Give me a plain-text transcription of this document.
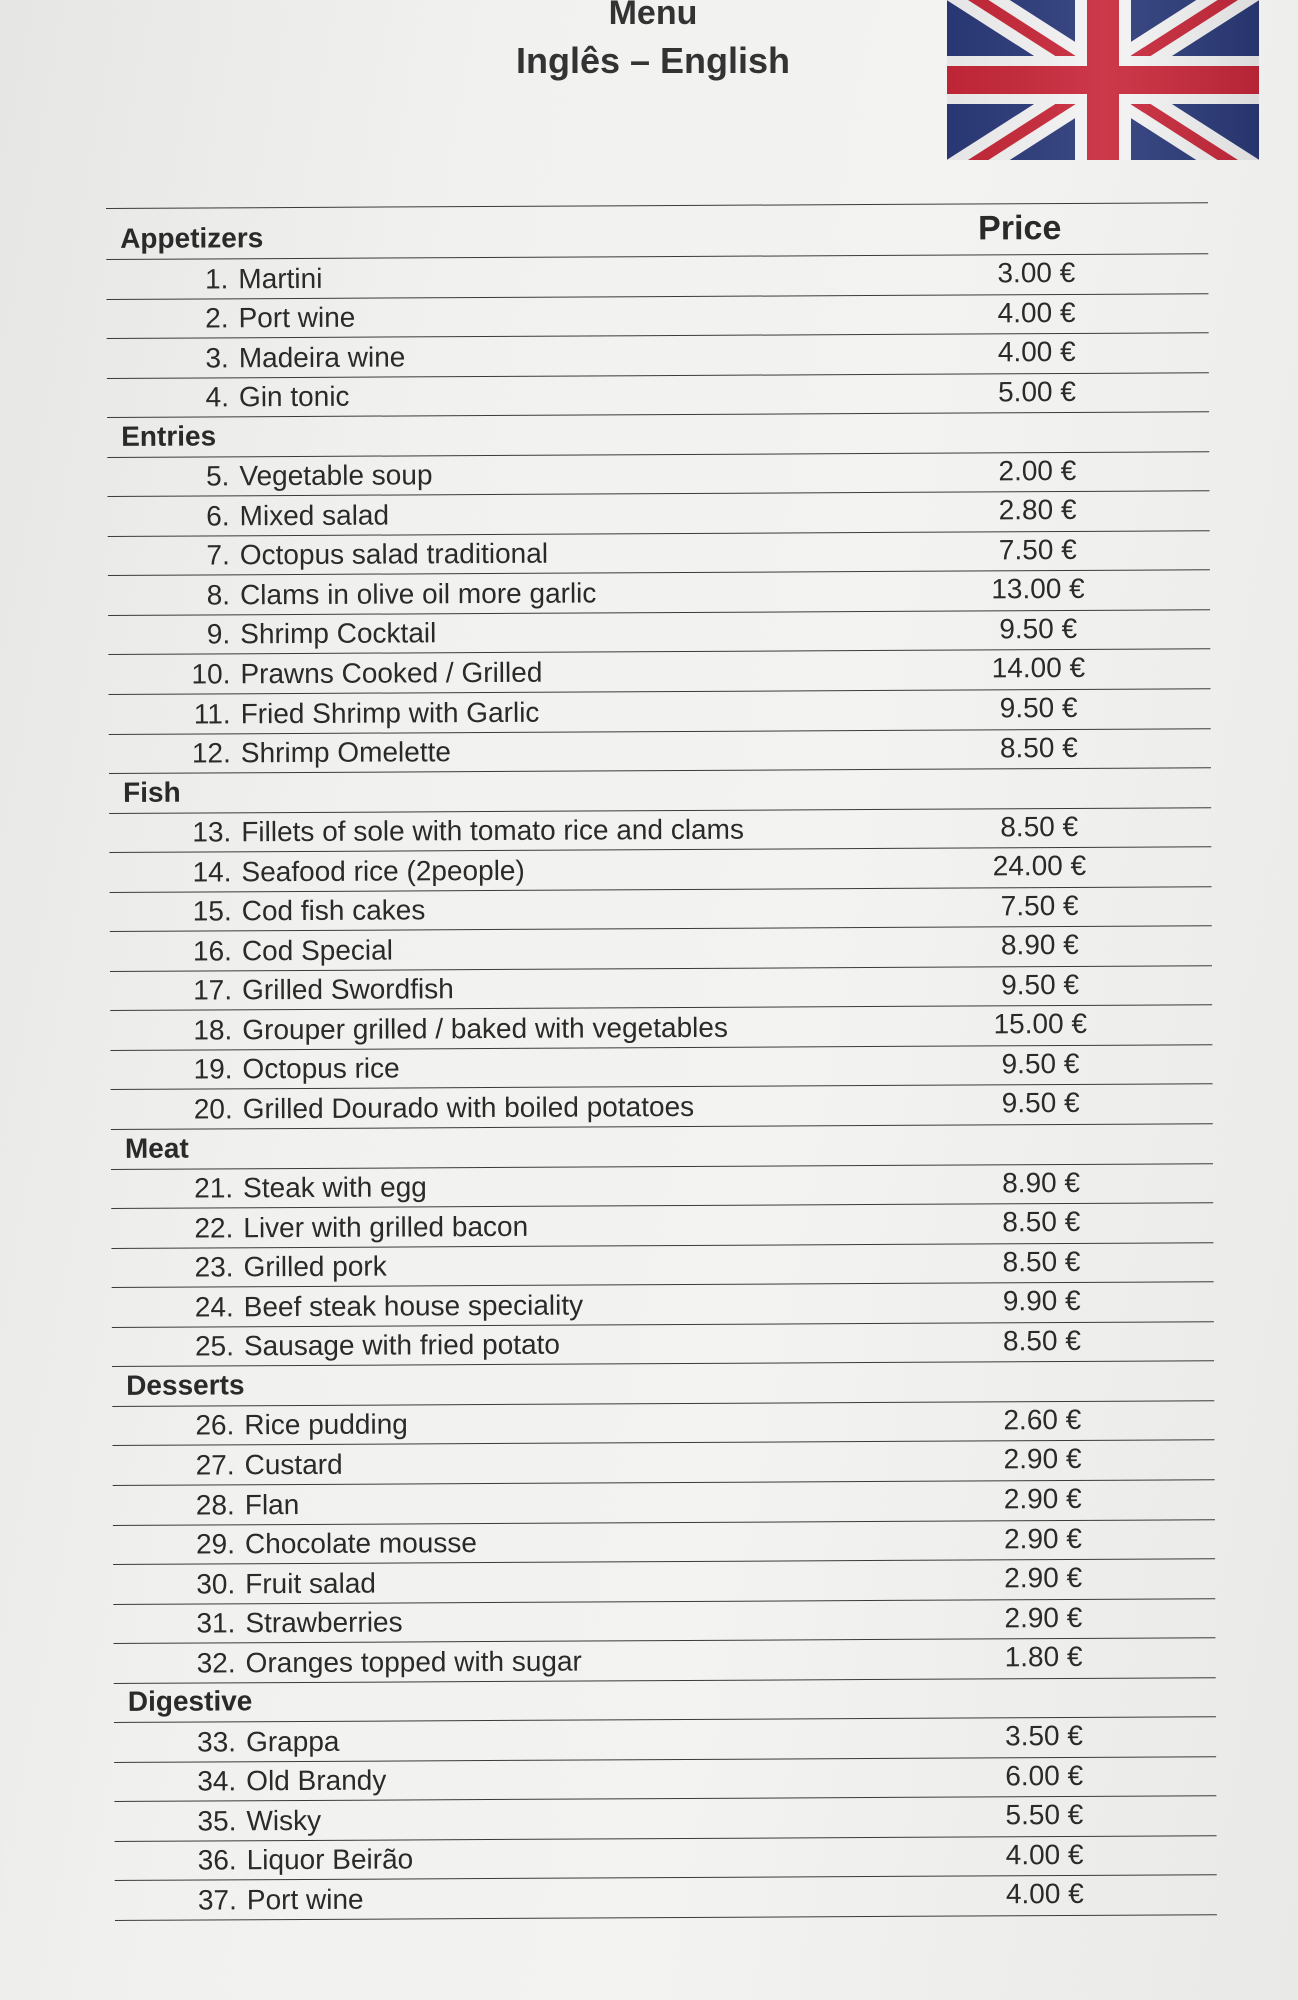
Menu
Inglês – English
Appetizers	Price
1. Martini	3.00 €
2. Port wine	4.00 €
3. Madeira wine	4.00 €
4. Gin tonic	5.00 €
Entries
5. Vegetable soup	2.00 €
6. Mixed salad	2.80 €
7. Octopus salad traditional	7.50 €
8. Clams in olive oil more garlic	13.00 €
9. Shrimp Cocktail	9.50 €
10. Prawns Cooked / Grilled	14.00 €
11. Fried Shrimp with Garlic	9.50 €
12. Shrimp Omelette	8.50 €
Fish
13. Fillets of sole with tomato rice and clams	8.50 €
14. Seafood rice (2people)	24.00 €
15. Cod fish cakes	7.50 €
16. Cod Special	8.90 €
17. Grilled Swordfish	9.50 €
18. Grouper grilled / baked with vegetables	15.00 €
19. Octopus rice	9.50 €
20. Grilled Dourado with boiled potatoes	9.50 €
Meat
21. Steak with egg	8.90 €
22. Liver with grilled bacon	8.50 €
23. Grilled pork	8.50 €
24. Beef steak house speciality	9.90 €
25. Sausage with fried potato	8.50 €
Desserts
26. Rice pudding	2.60 €
27. Custard	2.90 €
28. Flan	2.90 €
29. Chocolate mousse	2.90 €
30. Fruit salad	2.90 €
31. Strawberries	2.90 €
32. Oranges topped with sugar	1.80 €
Digestive
33. Grappa	3.50 €
34. Old Brandy	6.00 €
35. Wisky	5.50 €
36. Liquor Beirão	4.00 €
37. Port wine	4.00 €
